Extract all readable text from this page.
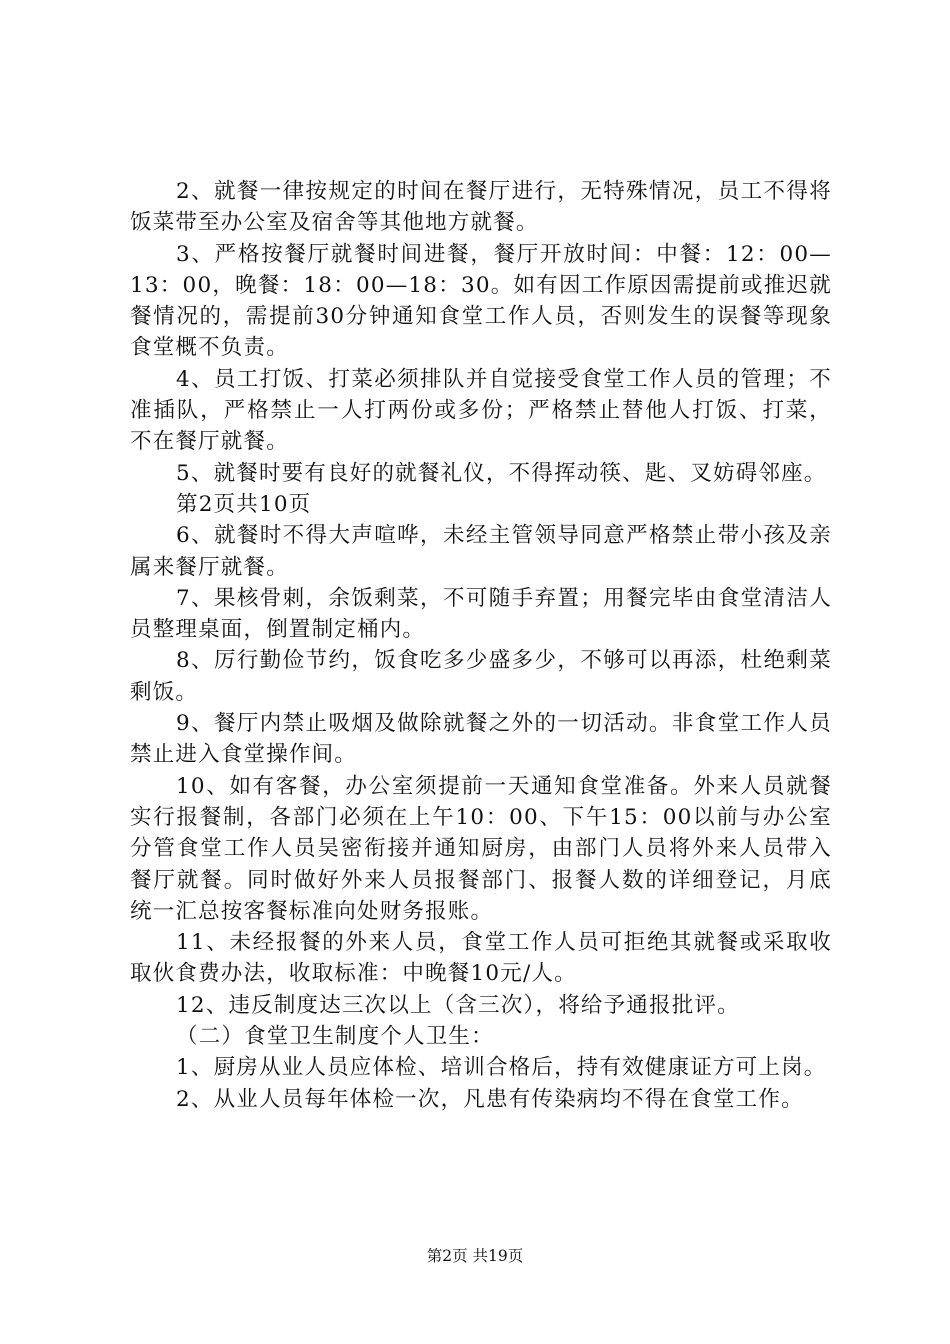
2、就餐一律按规定的时间在餐厅进行，无特殊情况，员工不得将饭菜带至办公室及宿舍等其他地方就餐。

3、严格按餐厅就餐时间进餐，餐厅开放时间：中餐：12：00—13：00，晚餐：18：00—18：30。如有因工作原因需提前或推迟就餐情况的，需提前30分钟通知食堂工作人员，否则发生的误餐等现象食堂概不负责。

4、员工打饭、打菜必须排队并自觉接受食堂工作人员的管理；不准插队，严格禁止一人打两份或多份；严格禁止替他人打饭、打菜，不在餐厅就餐。

5、就餐时要有良好的就餐礼仪，不得挥动筷、匙、叉妨碍邻座。

第2页共10页

6、就餐时不得大声喧哗，未经主管领导同意严格禁止带小孩及亲属来餐厅就餐。

7、果核骨刺，余饭剩菜，不可随手弃置；用餐完毕由食堂清洁人员整理桌面，倒置制定桶内。

8、厉行勤俭节约，饭食吃多少盛多少，不够可以再添，杜绝剩菜剩饭。

9、餐厅内禁止吸烟及做除就餐之外的一切活动。非食堂工作人员禁止进入食堂操作间。

10、如有客餐，办公室须提前一天通知食堂准备。外来人员就餐实行报餐制，各部门必须在上午10：00、下午15：00以前与办公室分管食堂工作人员吴密衔接并通知厨房，由部门人员将外来人员带入餐厅就餐。同时做好外来人员报餐部门、报餐人数的详细登记，月底统一汇总按客餐标准向处财务报账。

11、未经报餐的外来人员，食堂工作人员可拒绝其就餐或采取收取伙食费办法，收取标准：中晚餐10元/人。

12、违反制度达三次以上（含三次），将给予通报批评。

（二）食堂卫生制度个人卫生：

1、厨房从业人员应体检、培训合格后，持有效健康证方可上岗。

2、从业人员每年体检一次，凡患有传染病均不得在食堂工作。

第2页 共19页
